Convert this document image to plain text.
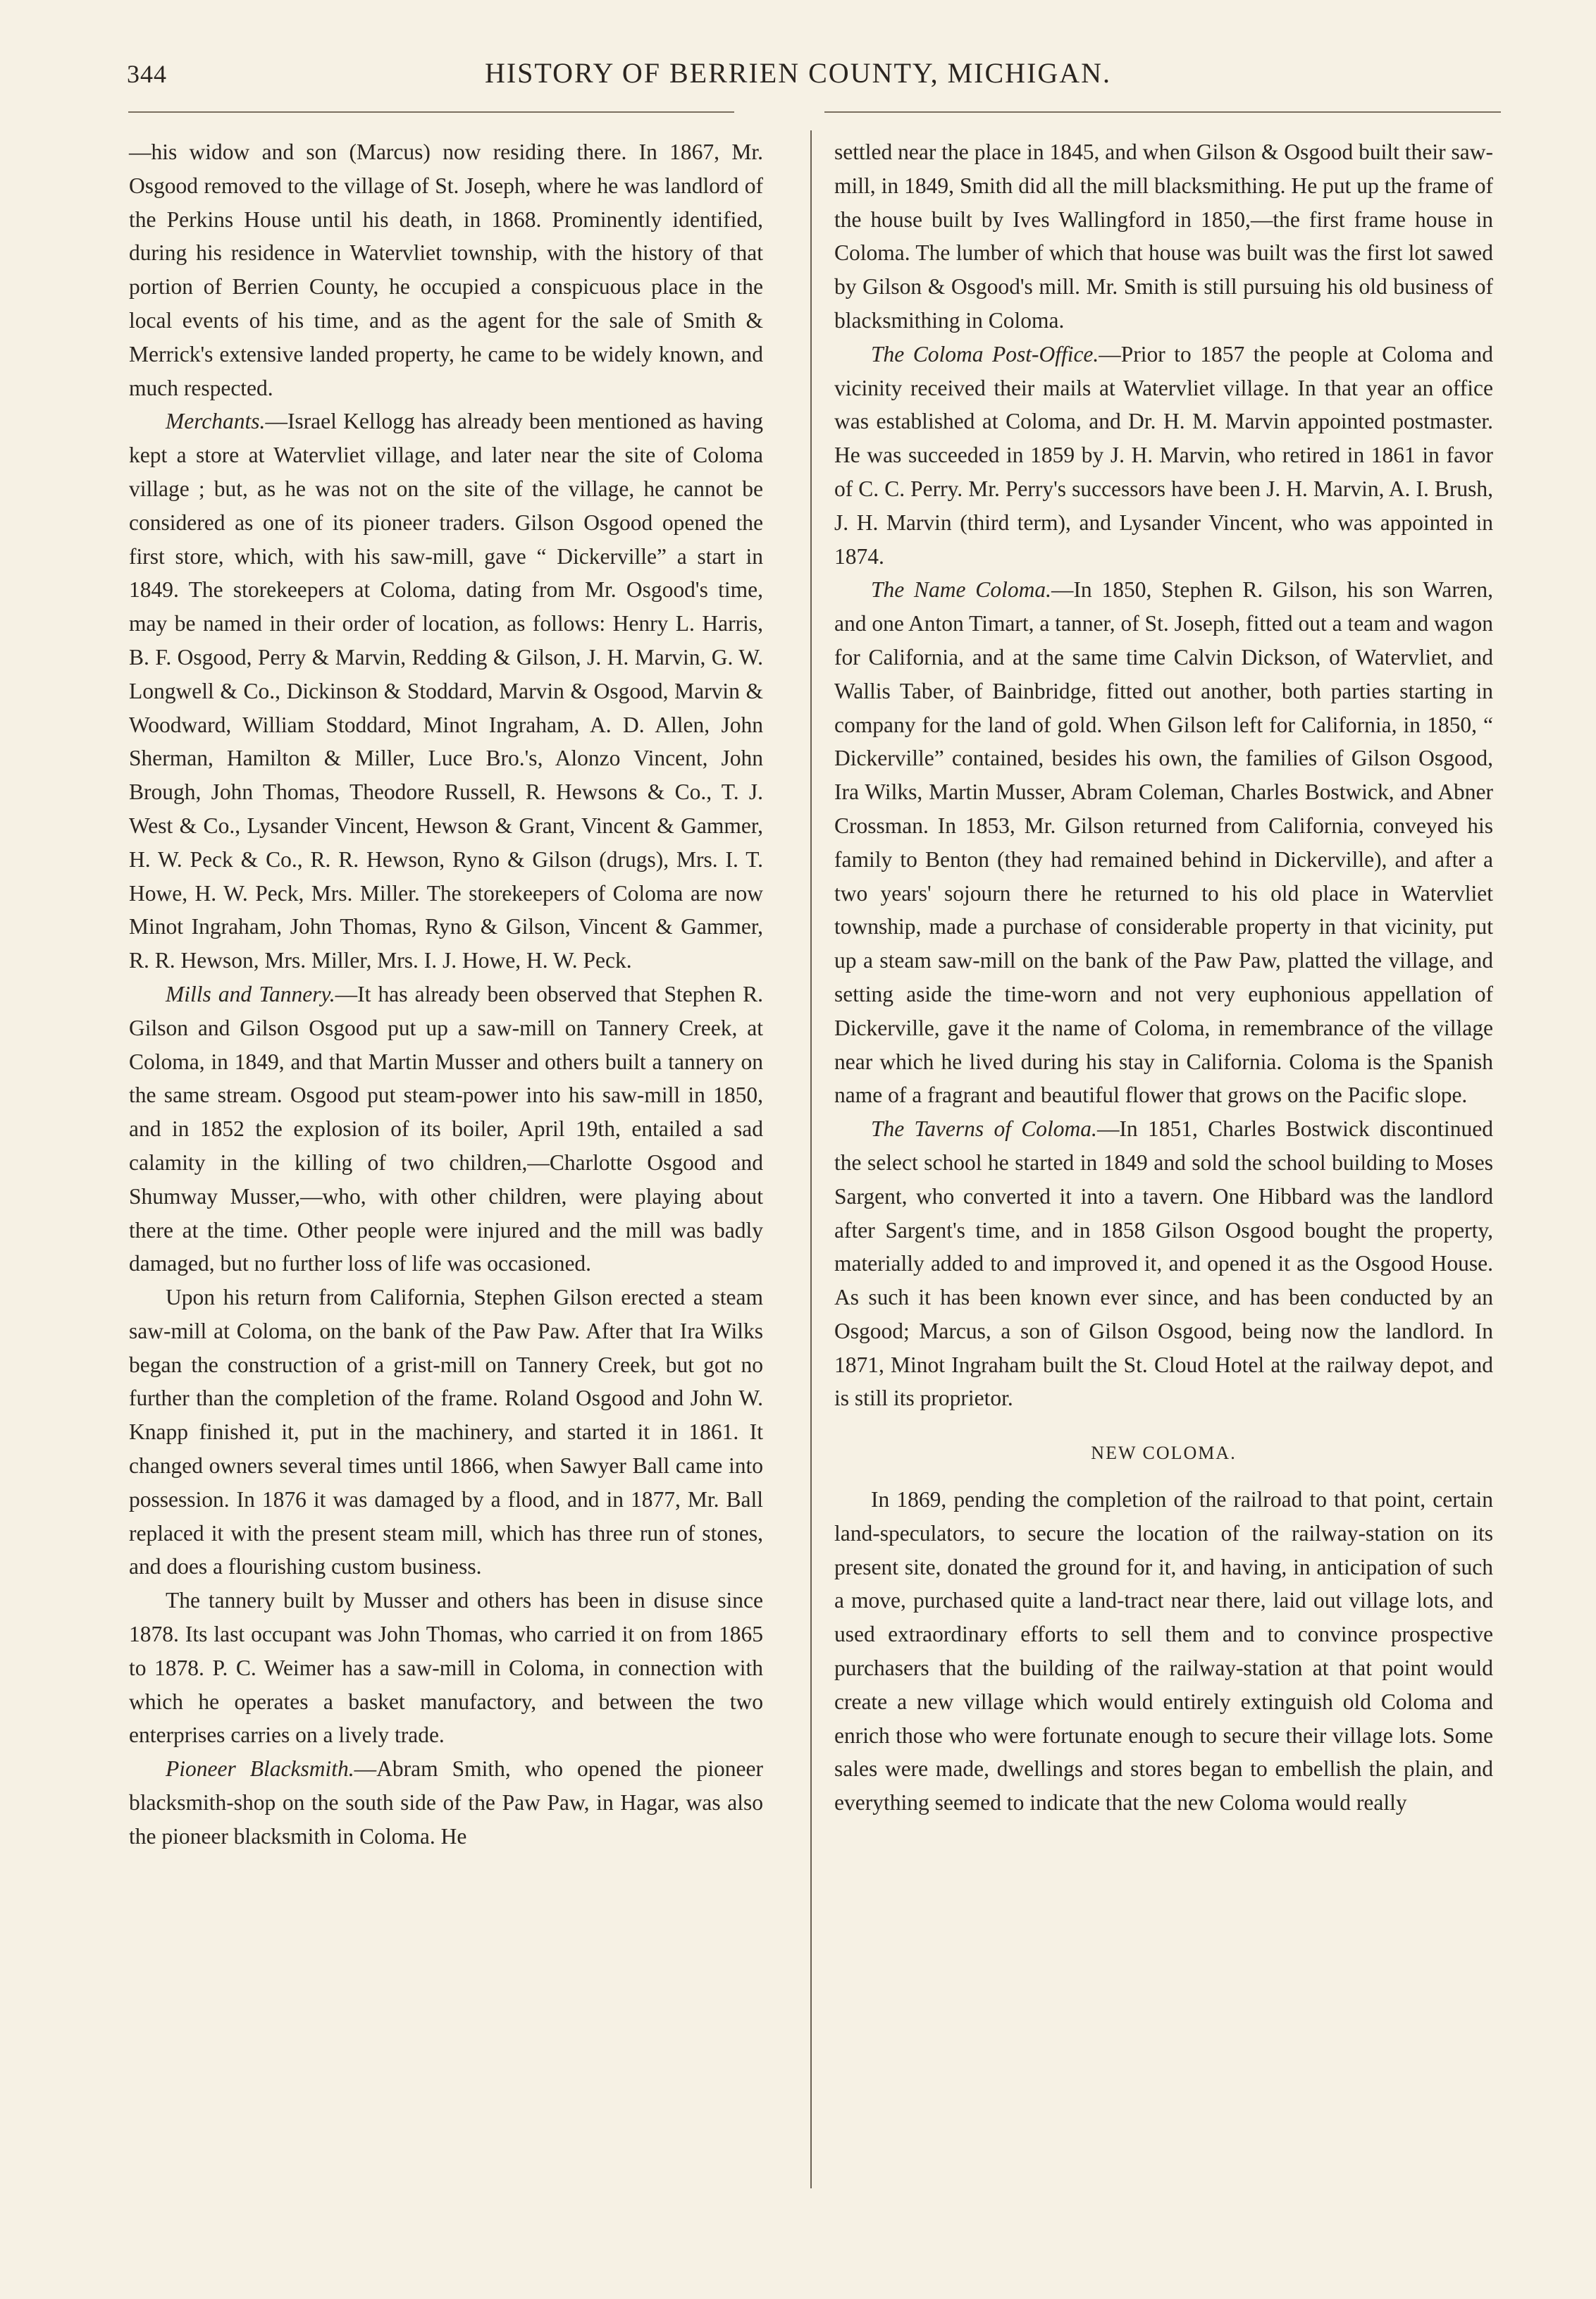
344	HISTORY OF BERRIEN COUNTY, MICHIGAN.

—his widow and son (Marcus) now residing there. In 1867, Mr. Osgood removed to the village of St. Joseph, where he was landlord of the Perkins House until his death, in 1868. Prominently identified, during his residence in Watervliet township, with the history of that portion of Berrien County, he occupied a conspicuous place in the local events of his time, and as the agent for the sale of Smith & Merrick's extensive landed property, he came to be widely known, and much respected.

Merchants.—Israel Kellogg has already been mentioned as having kept a store at Watervliet village, and later near the site of Coloma village ; but, as he was not on the site of the village, he cannot be considered as one of its pioneer traders. Gilson Osgood opened the first store, which, with his saw-mill, gave “ Dickerville” a start in 1849. The storekeepers at Coloma, dating from Mr. Osgood's time, may be named in their order of location, as follows: Henry L. Harris, B. F. Osgood, Perry & Marvin, Redding & Gilson, J. H. Marvin, G. W. Longwell & Co., Dickinson & Stoddard, Marvin & Osgood, Marvin & Woodward, William Stoddard, Minot Ingraham, A. D. Allen, John Sherman, Hamilton & Miller, Luce Bro.'s, Alonzo Vincent, John Brough, John Thomas, Theodore Russell, R. Hewsons & Co., T. J. West & Co., Lysander Vincent, Hewson & Grant, Vincent & Gammer, H. W. Peck & Co., R. R. Hewson, Ryno & Gilson (drugs), Mrs. I. T. Howe, H. W. Peck, Mrs. Miller. The storekeepers of Coloma are now Minot Ingraham, John Thomas, Ryno & Gilson, Vincent & Gammer, R. R. Hewson, Mrs. Miller, Mrs. I. J. Howe, H. W. Peck.

Mills and Tannery.—It has already been observed that Stephen R. Gilson and Gilson Osgood put up a saw-mill on Tannery Creek, at Coloma, in 1849, and that Martin Musser and others built a tannery on the same stream. Osgood put steam-power into his saw-mill in 1850, and in 1852 the explosion of its boiler, April 19th, entailed a sad calamity in the killing of two children,—Charlotte Osgood and Shumway Musser,—who, with other children, were playing about there at the time. Other people were injured and the mill was badly damaged, but no further loss of life was occasioned.

Upon his return from California, Stephen Gilson erected a steam saw-mill at Coloma, on the bank of the Paw Paw. After that Ira Wilks began the construction of a grist-mill on Tannery Creek, but got no further than the completion of the frame. Roland Osgood and John W. Knapp finished it, put in the machinery, and started it in 1861. It changed owners several times until 1866, when Sawyer Ball came into possession. In 1876 it was damaged by a flood, and in 1877, Mr. Ball replaced it with the present steam mill, which has three run of stones, and does a flourishing custom business.

The tannery built by Musser and others has been in disuse since 1878. Its last occupant was John Thomas, who carried it on from 1865 to 1878. P. C. Weimer has a saw-mill in Coloma, in connection with which he operates a basket manufactory, and between the two enterprises carries on a lively trade.

Pioneer Blacksmith.—Abram Smith, who opened the pioneer blacksmith-shop on the south side of the Paw Paw, in Hagar, was also the pioneer blacksmith in Coloma. He

settled near the place in 1845, and when Gilson & Osgood built their saw-mill, in 1849, Smith did all the mill blacksmithing. He put up the frame of the house built by Ives Wallingford in 1850,—the first frame house in Coloma. The lumber of which that house was built was the first lot sawed by Gilson & Osgood's mill. Mr. Smith is still pursuing his old business of blacksmithing in Coloma.

The Coloma Post-Office.—Prior to 1857 the people at Coloma and vicinity received their mails at Watervliet village. In that year an office was established at Coloma, and Dr. H. M. Marvin appointed postmaster. He was succeeded in 1859 by J. H. Marvin, who retired in 1861 in favor of C. C. Perry. Mr. Perry's successors have been J. H. Marvin, A. I. Brush, J. H. Marvin (third term), and Lysander Vincent, who was appointed in 1874.

The Name Coloma.—In 1850, Stephen R. Gilson, his son Warren, and one Anton Timart, a tanner, of St. Joseph, fitted out a team and wagon for California, and at the same time Calvin Dickson, of Watervliet, and Wallis Taber, of Bainbridge, fitted out another, both parties starting in company for the land of gold. When Gilson left for California, in 1850, “ Dickerville” contained, besides his own, the families of Gilson Osgood, Ira Wilks, Martin Musser, Abram Coleman, Charles Bostwick, and Abner Crossman. In 1853, Mr. Gilson returned from California, conveyed his family to Benton (they had remained behind in Dickerville), and after a two years' sojourn there he returned to his old place in Watervliet township, made a purchase of considerable property in that vicinity, put up a steam saw-mill on the bank of the Paw Paw, platted the village, and setting aside the time-worn and not very euphonious appellation of Dickerville, gave it the name of Coloma, in remembrance of the village near which he lived during his stay in California. Coloma is the Spanish name of a fragrant and beautiful flower that grows on the Pacific slope.

The Taverns of Coloma.—In 1851, Charles Bostwick discontinued the select school he started in 1849 and sold the school building to Moses Sargent, who converted it into a tavern. One Hibbard was the landlord after Sargent's time, and in 1858 Gilson Osgood bought the property, materially added to and improved it, and opened it as the Osgood House. As such it has been known ever since, and has been conducted by an Osgood; Marcus, a son of Gilson Osgood, being now the landlord. In 1871, Minot Ingraham built the St. Cloud Hotel at the railway depot, and is still its proprietor.

NEW COLOMA.

In 1869, pending the completion of the railroad to that point, certain land-speculators, to secure the location of the railway-station on its present site, donated the ground for it, and having, in anticipation of such a move, purchased quite a land-tract near there, laid out village lots, and used extraordinary efforts to sell them and to convince prospective purchasers that the building of the railway-station at that point would create a new village which would entirely extinguish old Coloma and enrich those who were fortunate enough to secure their village lots. Some sales were made, dwellings and stores began to embellish the plain, and everything seemed to indicate that the new Coloma would really
